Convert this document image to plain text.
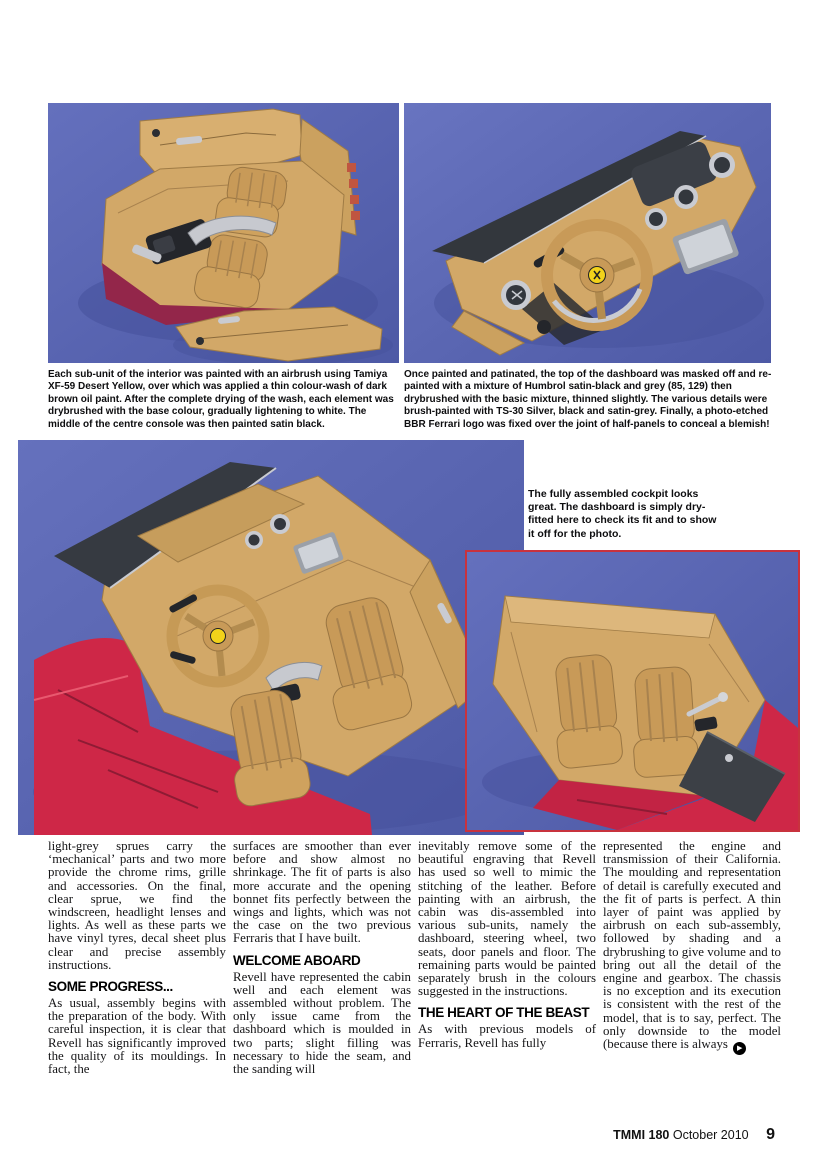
Each sub-unit of the interior was painted with an airbrush using Tamiya XF-59 Desert Yellow, over which was applied a thin colour-wash of dark brown oil paint. After the complete drying of the wash, each element was drybrushed with the base colour, gradually lightening to white. The middle of the centre console was then painted satin black.
Once painted and patinated, the top of the dashboard was masked off and re-painted with a mixture of Humbrol satin-black and grey (85, 129) then drybrushed with the basic mixture, thinned slightly. The various details were brush-painted with TS-30 Silver, black and satin-grey. Finally, a photo-etched BBR Ferrari logo was fixed over the joint of half-panels to conceal a blemish!
The fully assembled cockpit looks great. The dashboard is simply dry-fitted here to check its fit and to show it off for the photo.

light-grey sprues carry the ‘mechanical’ parts and two more provide the chrome rims, grille and accessories. On the final, clear sprue, we find the windscreen, headlight lenses and lights. As well as these parts we have vinyl tyres, decal sheet plus clear and precise assembly instructions.

SOME PROGRESS...

As usual, assembly begins with the preparation of the body. With careful inspection, it is clear that Revell has significantly improved the quality of its mouldings. In fact, the

surfaces are smoother than ever before and show almost no shrinkage. The fit of parts is also more accurate and the opening bonnet fits perfectly between the wings and lights, which was not the case on the two previous Ferraris that I have built.

WELCOME ABOARD

Revell have represented the cabin well and each element was assembled without problem. The only issue came from the dashboard which is moulded in two parts; slight filling was necessary to hide the seam, and the sanding will

inevitably remove some of the beautiful engraving that Revell has used so well to mimic the stitching of the leather. Before painting with an airbrush, the cabin was dis-assembled into various sub-units, namely the dashboard, steering wheel, two seats, door panels and floor. The remaining parts would be painted separately brush in the colours suggested in the instructions.

THE HEART OF THE BEAST

As with previous models of Ferraris, Revell has fully

represented the engine and transmission of their California. The moulding and representation of detail is carefully executed and the fit of parts is perfect. A thin layer of paint was applied by airbrush on each sub-assembly, followed by shading and a drybrushing to give volume and to bring out all the detail of the engine and gearbox. The chassis is no exception and its execution is consistent with the rest of the model, that is to say, perfect. The only downside to the model (because there is always ▶

TMMI 180 October 2010 9
